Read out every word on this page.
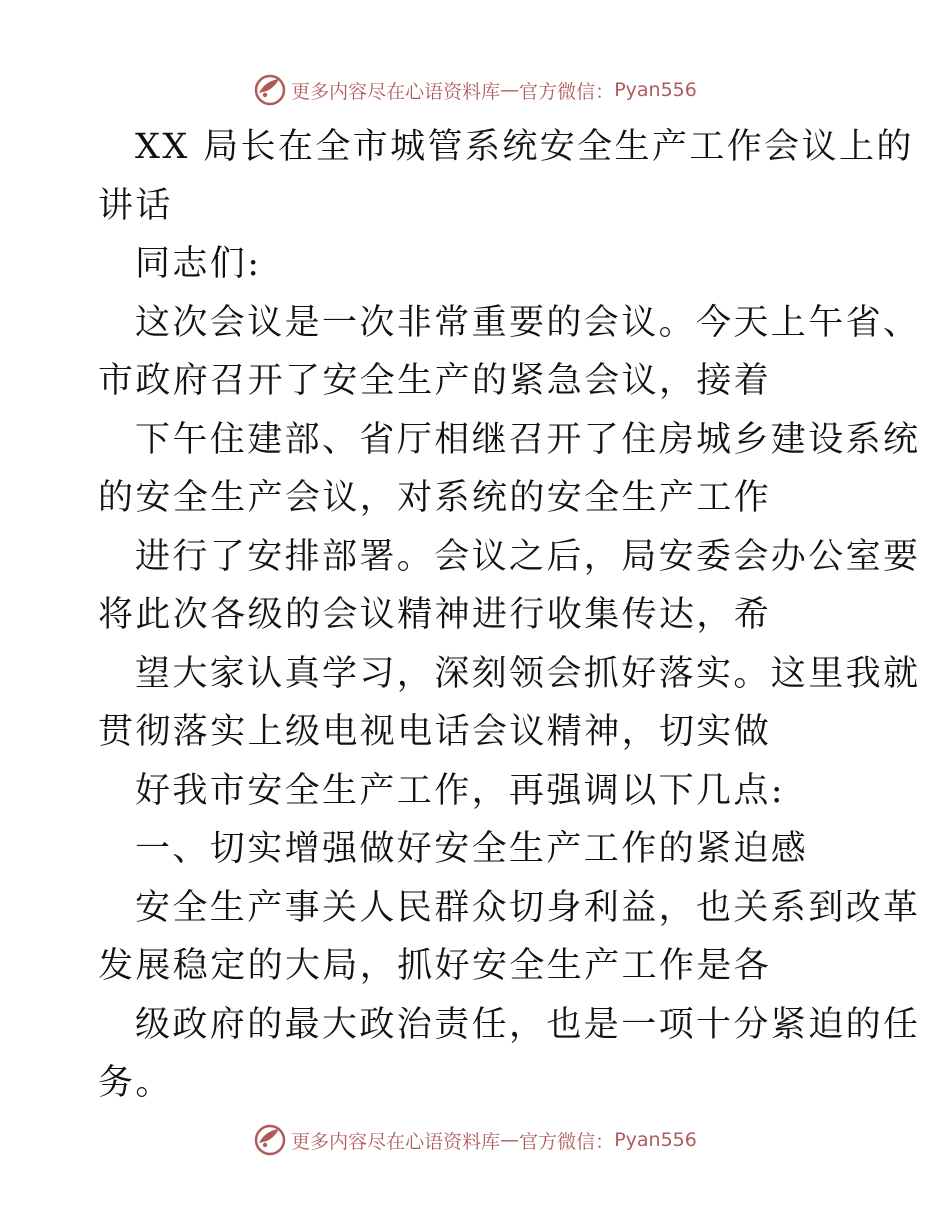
更多内容尽在心语资料库 — 官方微信： Pyan556
XX 局长在全市城管系统安全生产工作会议上的
讲话
同志们:
这次会议是一次非常重要的会议。今天上午省、
市政府召开了安全生产的紧急会议，接着
下午住建部、省厅相继召开了住房城乡建设系统
的安全生产会议，对系统的安全生产工作
进行了安排部署。会议之后，局安委会办公室要
将此次各级的会议精神进行收集传达，希
望大家认真学习，深刻领会抓好落实。这里我就
贯彻落实上级电视电话会议精神，切实做
好我市安全生产工作，再强调以下几点:
一、切实增强做好安全生产工作的紧迫感
安全生产事关人民群众切身利益，也关系到改革
发展稳定的大局，抓好安全生产工作是各
级政府的最大政治责任，也是一项十分紧迫的任
务。
更多内容尽在心语资料库 — 官方微信： Pyan556
